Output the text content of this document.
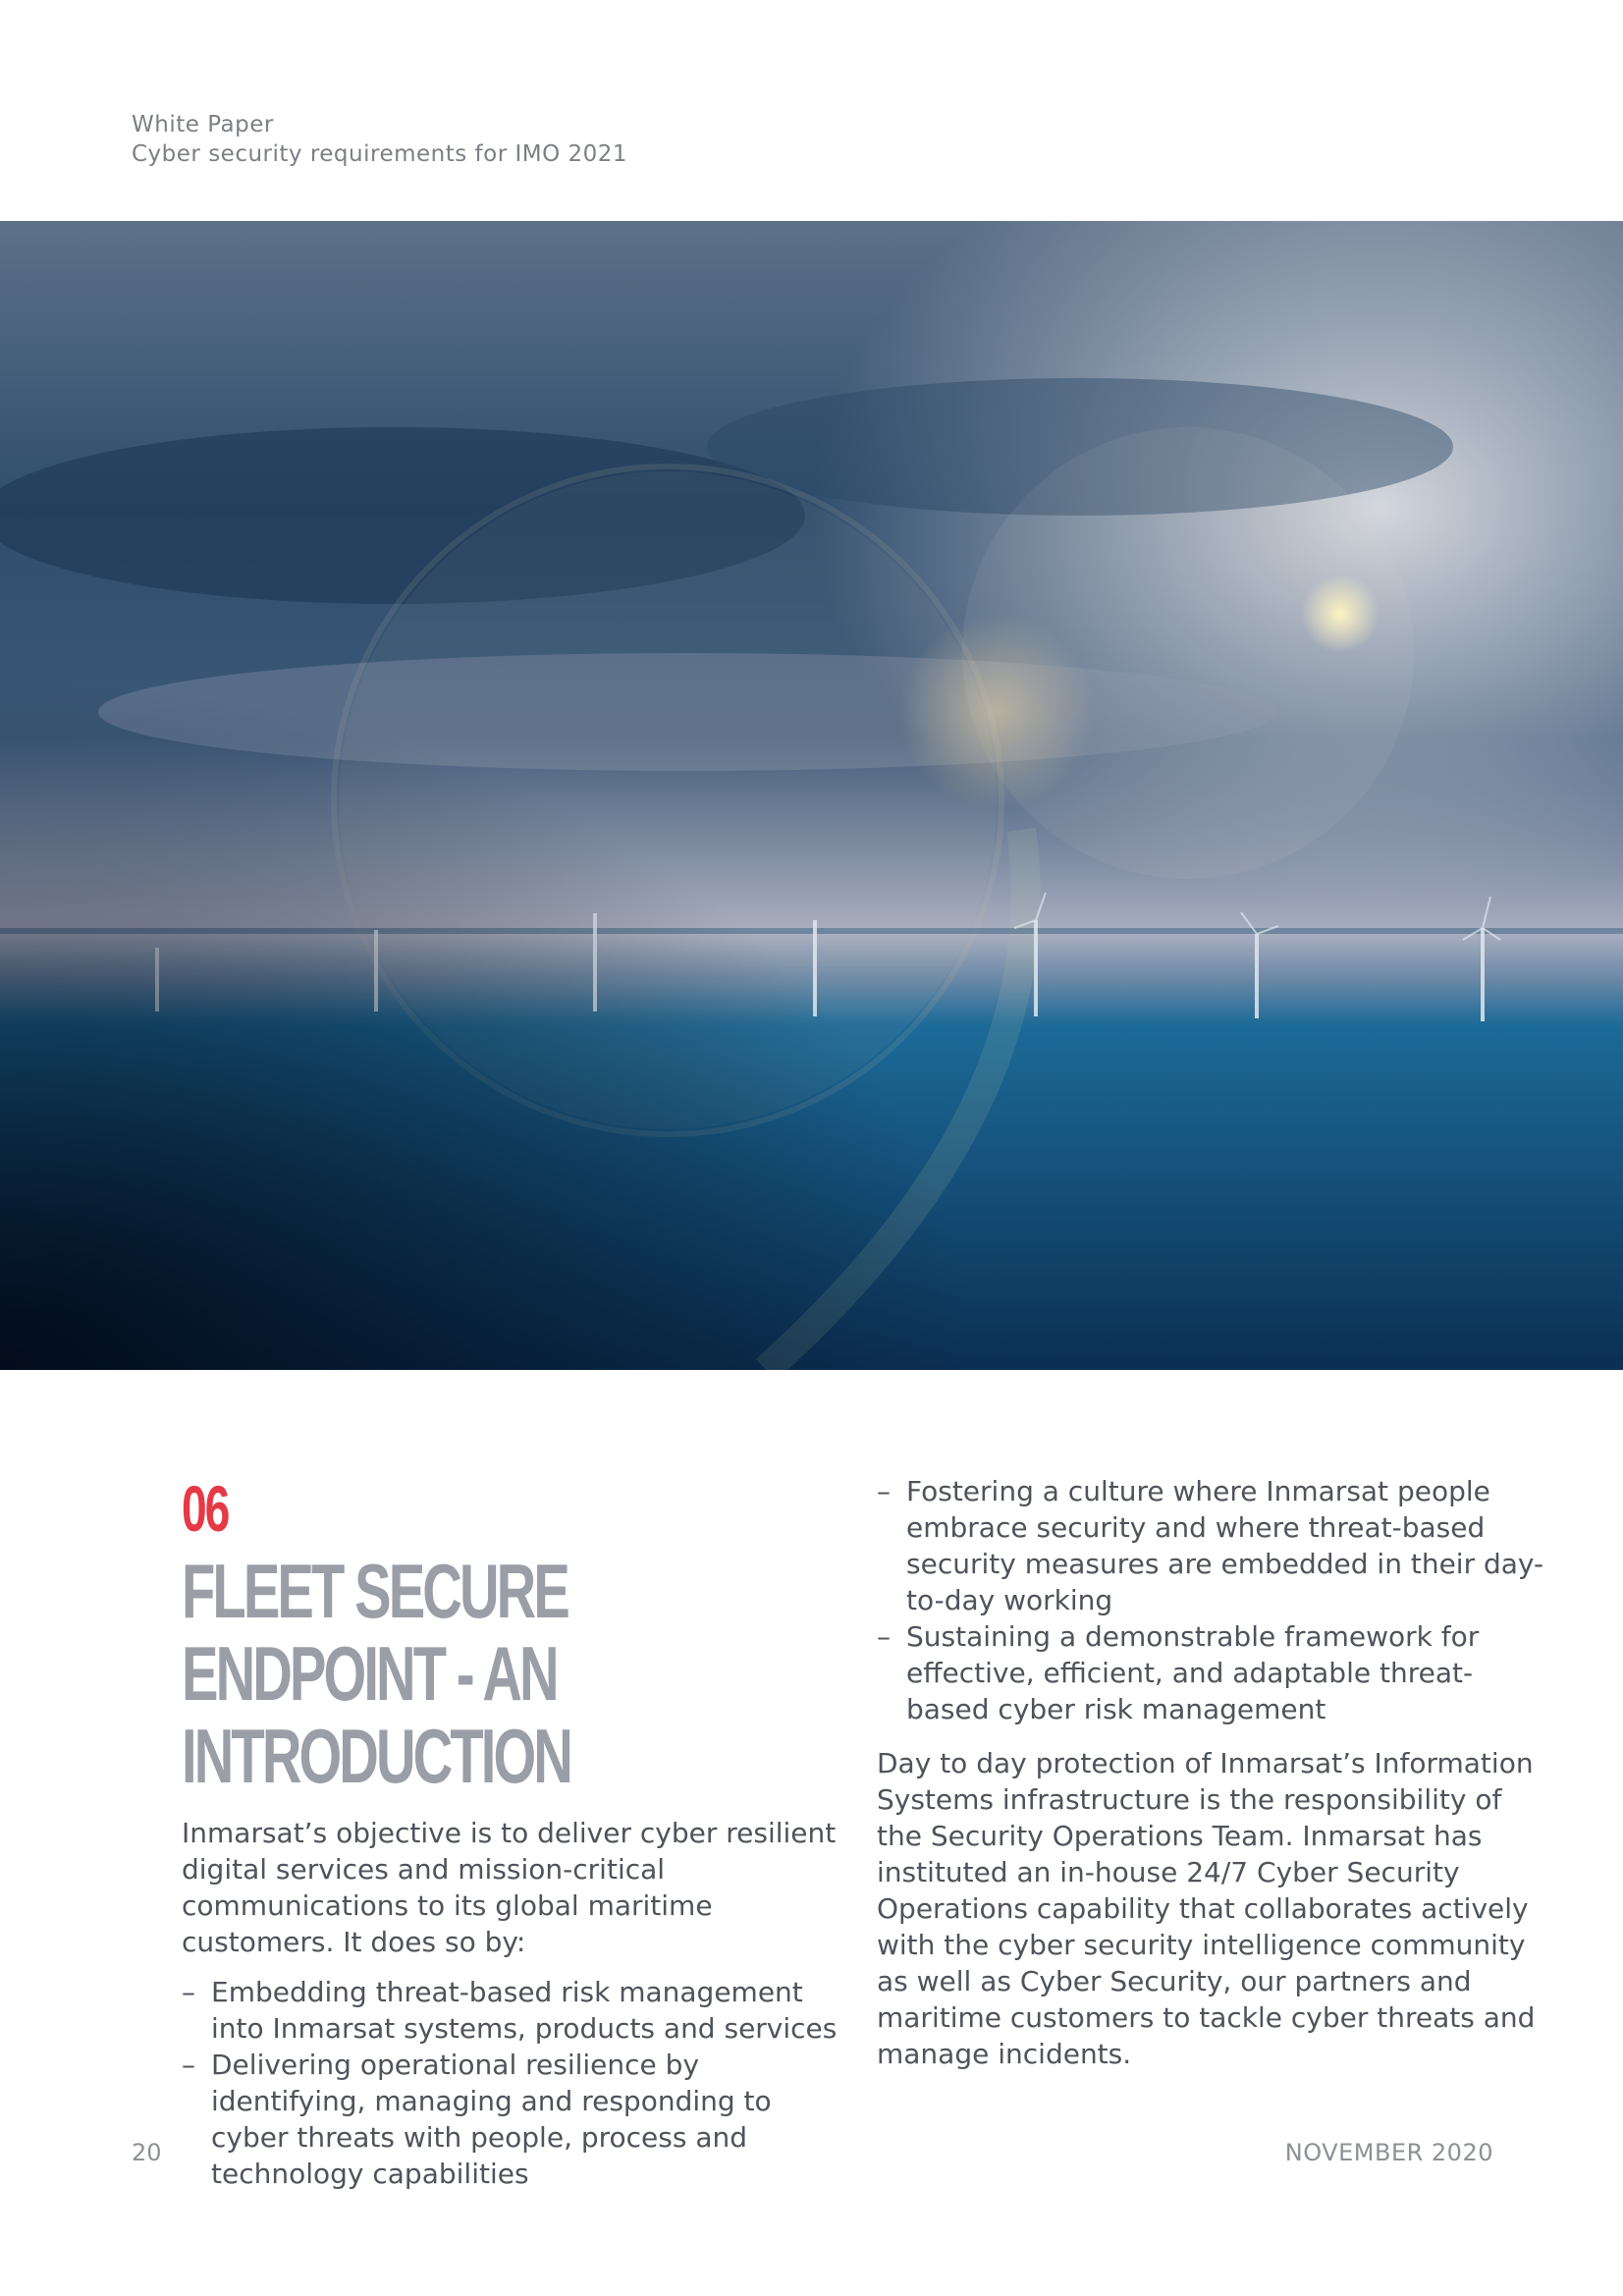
White Paper
Cyber security requirements for IMO 2021
06
FLEET SECURE ENDPOINT - AN
INTRODUCTION
Inmarsat’s objective is to deliver cyber resilient digital services and mission-critical communications to its global maritime customers. It does so by:
– Embedding threat-based risk management into Inmarsat systems, products and services
– Delivering operational resilience by identifying, managing and responding to cyber threats with people, process and technology capabilities
– Fostering a culture where Inmarsat people embrace security and where threat-based security measures are embedded in their day-to-day working
– Sustaining a demonstrable framework for effective, efficient, and adaptable threat-based cyber risk management
Day to day protection of Inmarsat’s Information Systems infrastructure is the responsibility of the Security Operations Team. Inmarsat has instituted an in-house 24/7 Cyber Security Operations capability that collaborates actively with the cyber security intelligence community as well as Cyber Security, our partners and maritime customers to tackle cyber threats and manage incidents.
20	NOVEMBER 2020
